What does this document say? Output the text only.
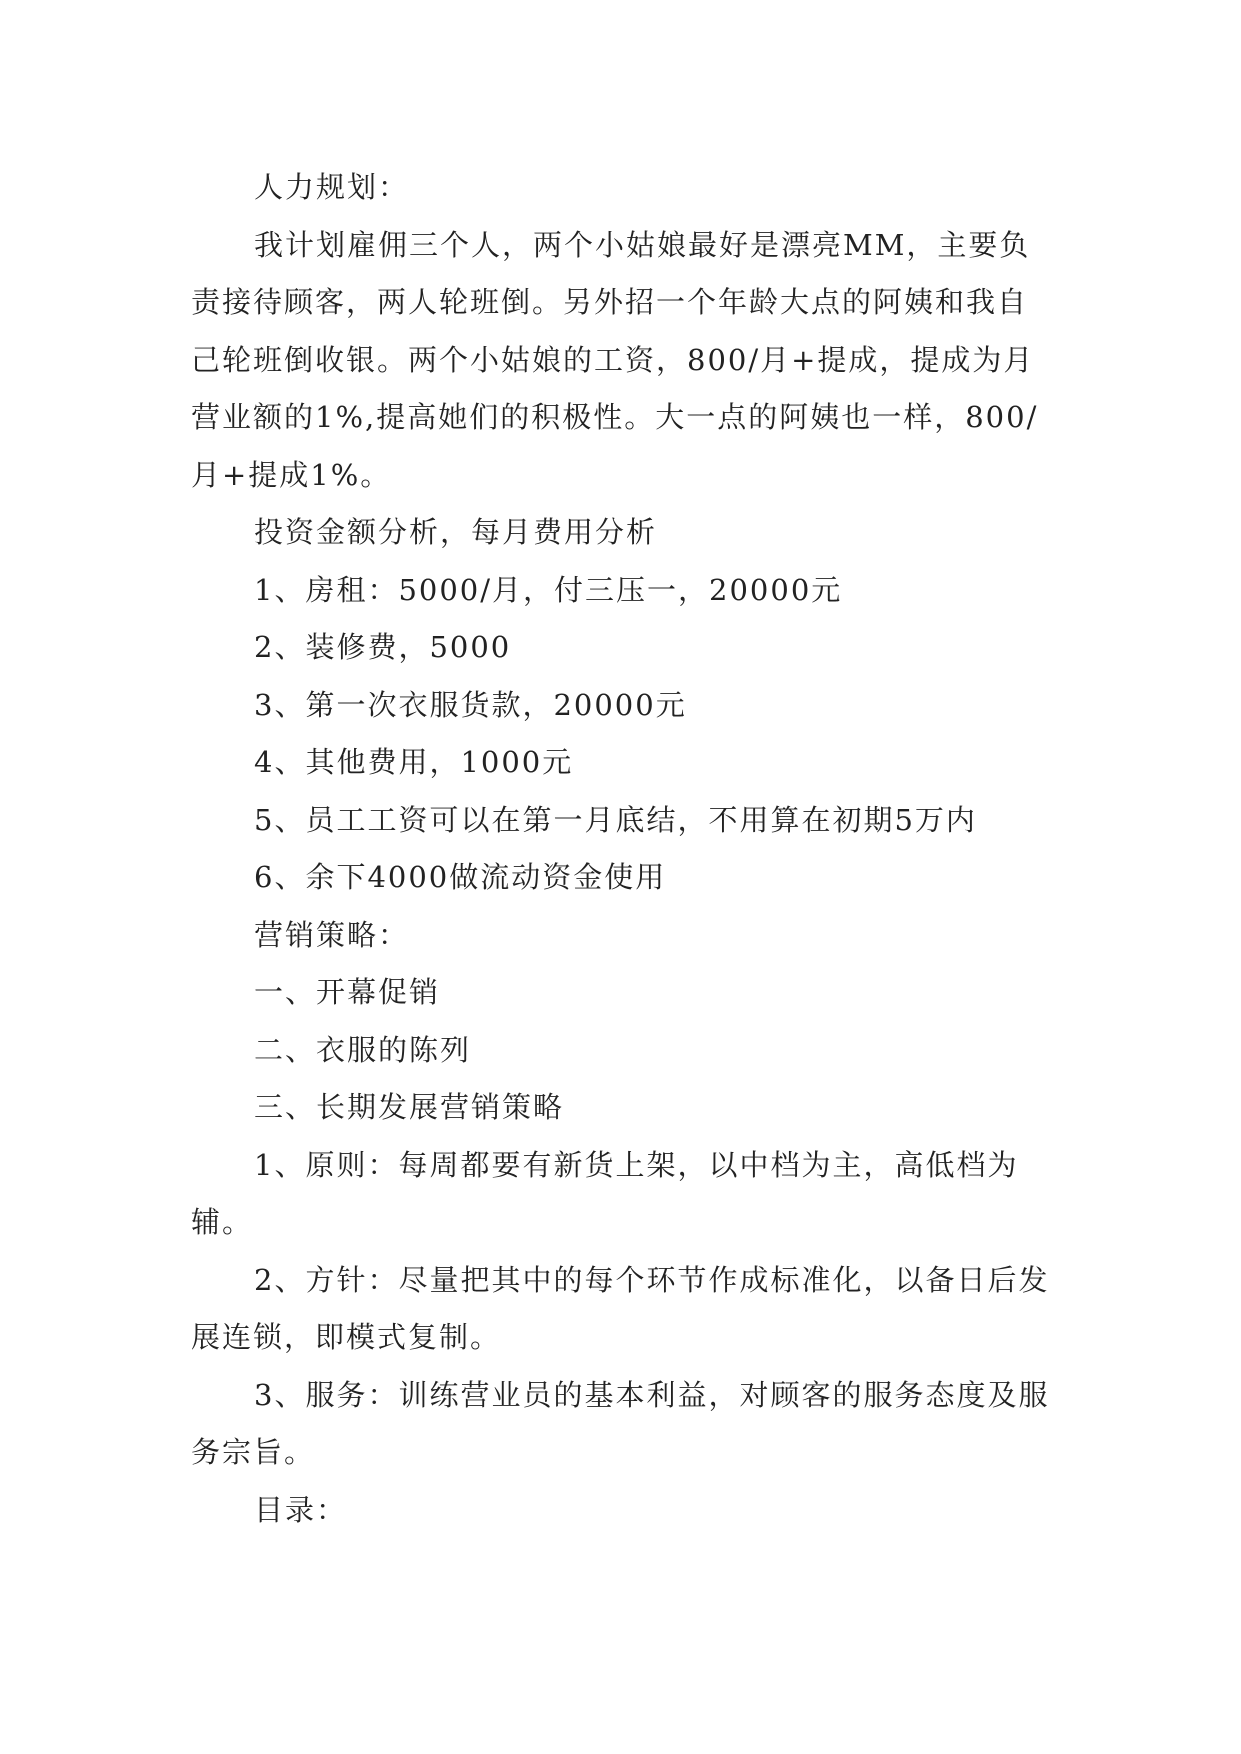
人力规划：

我计划雇佣三个人，两个小姑娘最好是漂亮MM，主要负责接待顾客，两人轮班倒。另外招一个年龄大点的阿姨和我自己轮班倒收银。两个小姑娘的工资，800/月+提成，提成为月营业额的1%,提高她们的积极性。大一点的阿姨也一样，800/月+提成1%。

投资金额分析，每月费用分析

1、房租：5000/月，付三压一，20000元

2、装修费，5000

3、第一次衣服货款，20000元

4、其他费用，1000元

5、员工工资可以在第一月底结，不用算在初期5万内

6、余下4000做流动资金使用

营销策略：

一、开幕促销

二、衣服的陈列

三、长期发展营销策略

1、原则：每周都要有新货上架，以中档为主，高低档为辅。

2、方针：尽量把其中的每个环节作成标准化，以备日后发展连锁，即模式复制。

3、服务：训练营业员的基本利益，对顾客的服务态度及服务宗旨。

目录：
